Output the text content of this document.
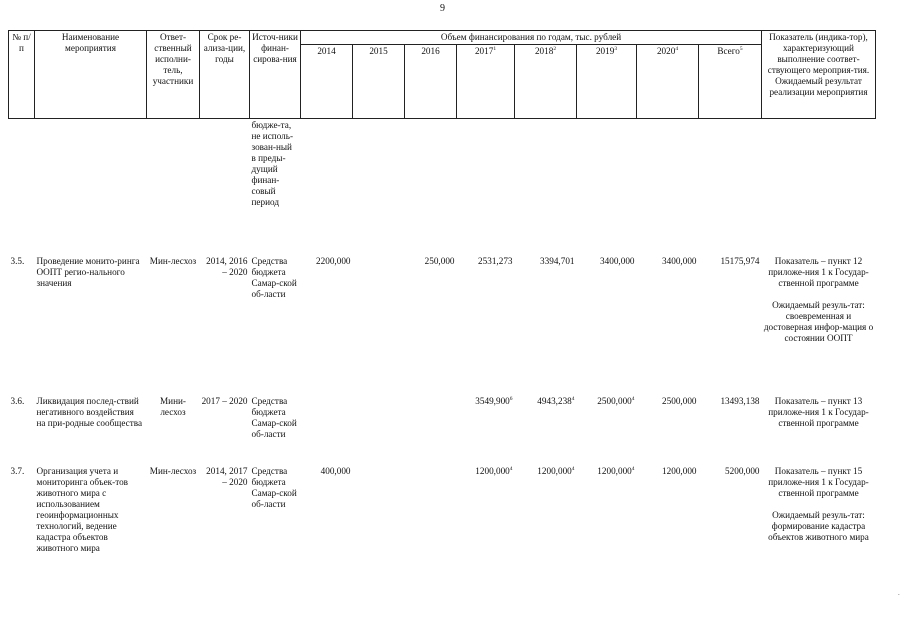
9
№ п/п	Наименование мероприятия	Ответ-ственный исполни-тель, участники	Срок ре-ализа-ции, годы	Источ-ники финан-сирова-ния	Объем финансирования по годам, тыс. рублей								Показатель (индика-тор), характеризующий выполнение соответ-ствующего мероприя-тия. Ожидаемый результат реализации мероприятия
					2014	2015	2016	2017$^1$	2018$^2$	2019$^3$	2020$^4$	Всего$^5$
				бюдже-та, не исполь-зован-ный в преды-дущий финан-совый период									
3.5.	Проведение монито-ринга ООПТ регио-нального значения	Мин-лесхоз	2014, 2016 – 2020	Средства бюджета Самар-ской об-ласти	2200,000		250,000	2531,273	3394,701	3400,000	3400,000	15175,974	Показатель – пункт 12 приложе-ния 1 к Государ-ственной программе
Ожидаемый резуль-тат: своевременная и достоверная инфор-мация о состоянии ООПТ

3.6.	Ликвидация послед-ствий негативного воздействия на при-родные сообщества	Мини-лесхоз	2017 – 2020	Средства бюджета Самар-ской об-ласти				3549,900$^6$	4943,238$^4$	2500,000$^4$	2500,000	13493,138	Показатель – пункт 13 приложе-ния 1 к Государ-ственной программе

3.7.	Организация учета и мониторинга объек-тов животного мира с использованием геоинформационных технологий, ведение кадастра объектов животного мира	Мин-лесхоз	2014, 2017 – 2020	Средства бюджета Самар-ской об-ласти	400,000			1200,000$^4$	1200,000$^4$	1200,000$^4$	1200,000	5200,000	Показатель – пункт 15 приложе-ния 1 к Государ-ственной программе
Ожидаемый резуль-тат: формирование кадастра объектов животного мира
.
